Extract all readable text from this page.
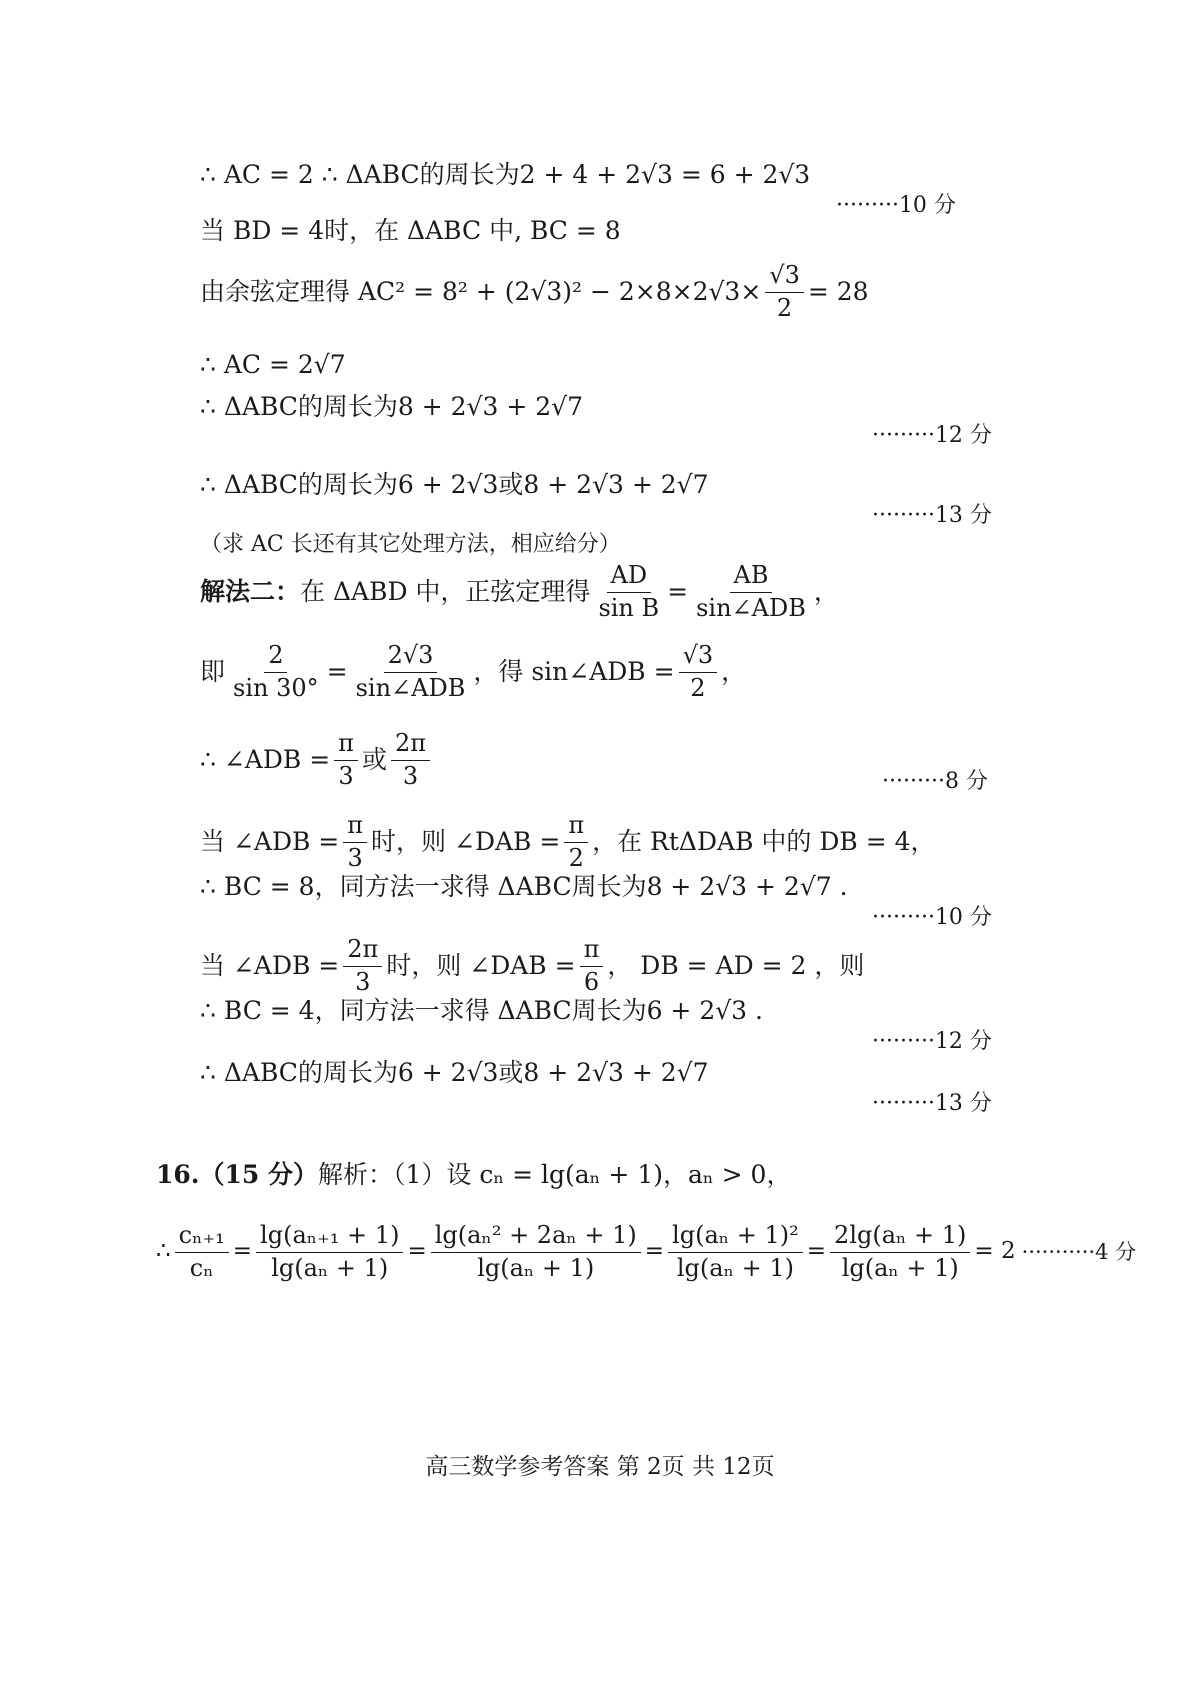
∴ AC = 2 ∴ ΔABC的周长为2 + 4 + 2√3 = 6 + 2√3
·········10 分
当 BD = 4时，在 ΔABC 中, BC = 8
由余弦定理得 $AC^2 = 8^2 + (2√3)^2 - 2\times 8\times 2√3\times \frac{√3}{2} = 28$
∴ AC = 2√7
∴ ΔABC的周长为8 + 2√3 + 2√7
·········12 分
∴ ΔABC的周长为6 + 2√3或8 + 2√3 + 2√7
·········13 分
（求 AC 长还有其它处理方法，相应给分）
解法二： 在 ΔABD 中，正弦定理得 $\frac{AD}{\text{sin B}} = \frac{AB}{\text{sin∠ADB}}$ ，
即 $\frac{2}{\sin 30^\circ} = \frac{2√3}{\text{sin∠ADB}}$ ，得 sin∠ADB = $\frac{√3}{2}$ ，
∴ ∠ADB = $\frac{\pi}{3}$ 或 $\frac{2\pi}{3}$	·········8 分
当 ∠ADB = $\frac{\pi}{3}$ 时，则 ∠DAB = $\frac{\pi}{2}$ ，在 RtΔDAB 中的 DB = 4，
∴ BC = 8，同方法一求得 ΔABC周长为8 + 2√3 + 2√7 .
·········10 分
当 ∠ADB = $\frac{2\pi}{3}$ 时，则 ∠DAB = $\frac{\pi}{6}$ ， DB = AD = 2 ，则
∴ BC = 4，同方法一求得 ΔABC周长为6 + 2√3 .
·········12 分
∴ ΔABC的周长为6 + 2√3或8 + 2√3 + 2√7
·········13 分
16.（15 分） 解析：（1）设 cₙ = lg(aₙ + 1)，aₙ > 0，
∴ $\frac{\text{cₙ₊₁}}{\text{cₙ}} = \frac{\text{lg(aₙ₊₁ + 1)}}{\text{lg(aₙ + 1)}} = \frac{\text{lg(aₙ² + 2aₙ + 1)}}{\text{lg(aₙ + 1)}} = \frac{\text{lg(aₙ + 1)²}}{\text{lg(aₙ + 1)}} = \frac{\text{2lg(aₙ + 1)}}{\text{lg(aₙ + 1)}} = 2 \cdot\cdot\cdot\cdot\cdot\cdot\cdot\cdot\cdot\cdot\cdot 4$ 分
高三数学参考答案 第 2页 共 12页
